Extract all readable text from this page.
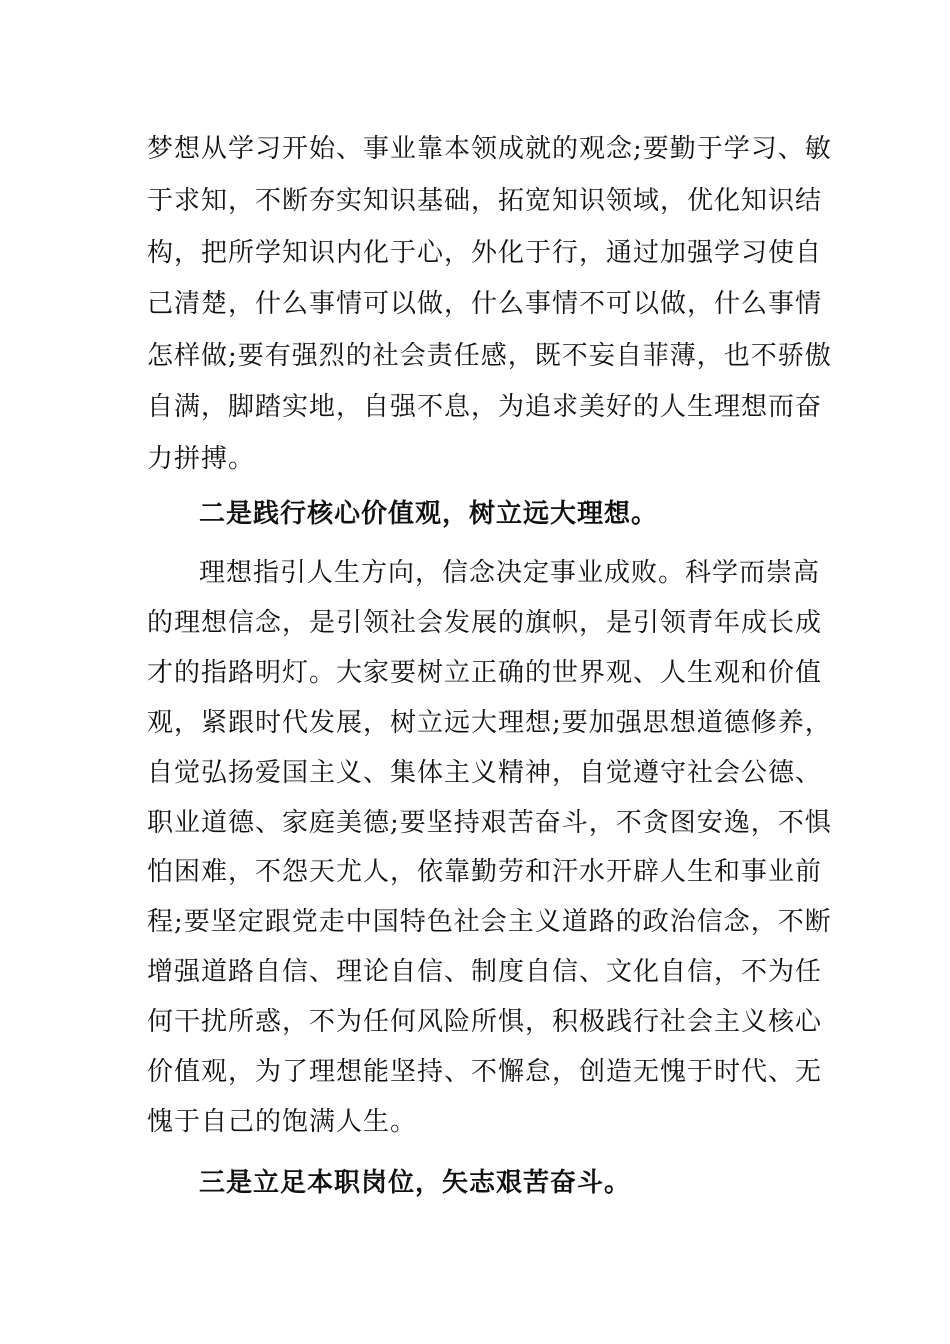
梦想从学习开始、事业靠本领成就的观念;要勤于学习、敏
于求知，不断夯实知识基础，拓宽知识领域，优化知识结
构，把所学知识内化于心，外化于行，通过加强学习使自
己清楚，什么事情可以做，什么事情不可以做，什么事情
怎样做;要有强烈的社会责任感，既不妄自菲薄，也不骄傲
自满，脚踏实地，自强不息，为追求美好的人生理想而奋
力拼搏。
二是践行核心价值观，树立远大理想。
理想指引人生方向，信念决定事业成败。科学而崇高
的理想信念，是引领社会发展的旗帜，是引领青年成长成
才的指路明灯。大家要树立正确的世界观、人生观和价值
观，紧跟时代发展，树立远大理想;要加强思想道德修养，
自觉弘扬爱国主义、集体主义精神，自觉遵守社会公德、
职业道德、家庭美德;要坚持艰苦奋斗，不贪图安逸，不惧
怕困难，不怨天尤人，依靠勤劳和汗水开辟人生和事业前
程;要坚定跟党走中国特色社会主义道路的政治信念，不断
增强道路自信、理论自信、制度自信、文化自信，不为任
何干扰所惑，不为任何风险所惧，积极践行社会主义核心
价值观，为了理想能坚持、不懈怠，创造无愧于时代、无
愧于自己的饱满人生。
三是立足本职岗位，矢志艰苦奋斗。
